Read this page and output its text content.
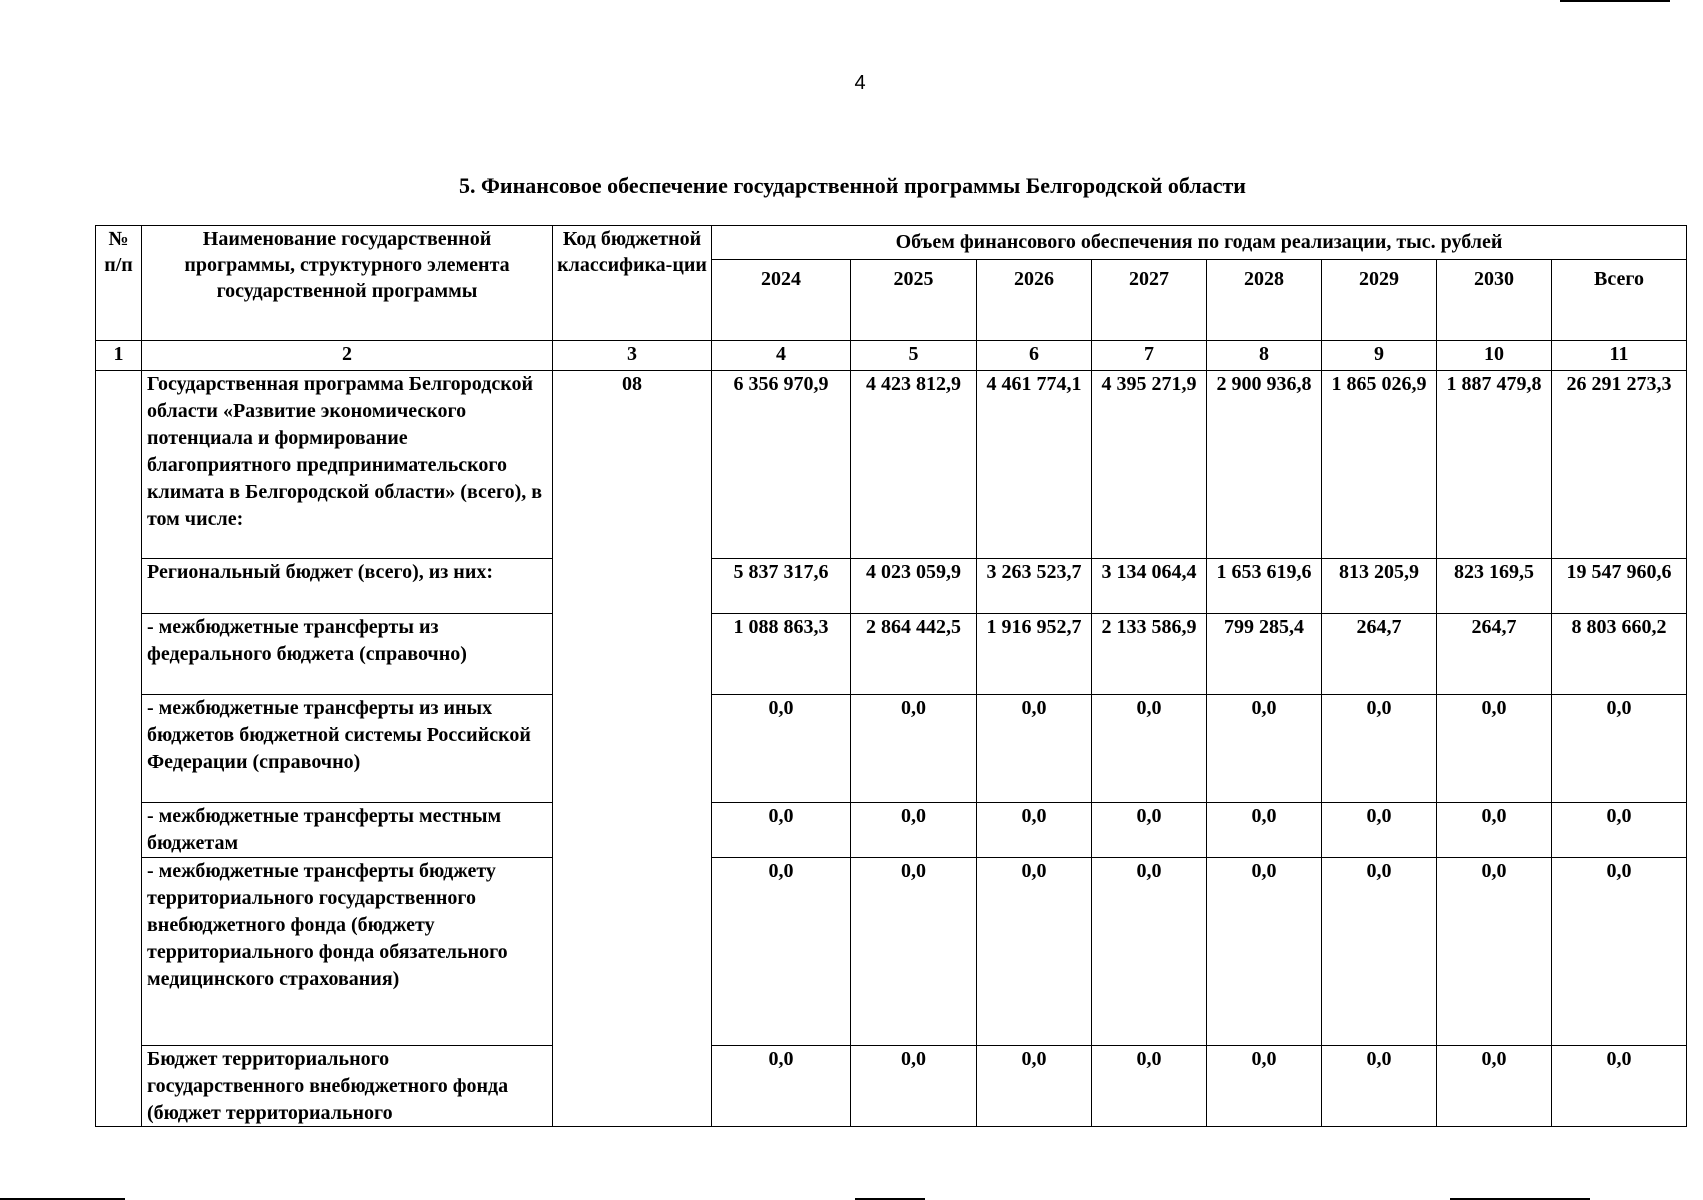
4
5. Финансовое обеспечение государственной программы Белгородской области
№ п/п	Наименование государственной программы, структурного элемента государственной программы	Код бюджетной классифика-ции	Объем финансового обеспечения по годам реализации, тыс. рублей							
			2024	2025	2026	2027	2028	2029	2030	Всего
1	2	3	4	5	6	7	8	9	10	11
	Государственная программа Белгородской области «Развитие экономического потенциала и формирование благоприятного предпринимательского климата в Белгородской области» (всего), в том числе:	08	6 356 970,9	4 423 812,9	4 461 774,1	4 395 271,9	2 900 936,8	1 865 026,9	1 887 479,8	26 291 273,3
	Региональный бюджет (всего), из них:		5 837 317,6	4 023 059,9	3 263 523,7	3 134 064,4	1 653 619,6	813 205,9	823 169,5	19 547 960,6
	- межбюджетные трансферты из федерального бюджета (справочно)		1 088 863,3	2 864 442,5	1 916 952,7	2 133 586,9	799 285,4	264,7	264,7	8 803 660,2
	- межбюджетные трансферты из иных бюджетов бюджетной системы Российской Федерации (справочно)		0,0	0,0	0,0	0,0	0,0	0,0	0,0	0,0
	- межбюджетные трансферты местным бюджетам		0,0	0,0	0,0	0,0	0,0	0,0	0,0	0,0
	- межбюджетные трансферты бюджету территориального государственного внебюджетного фонда (бюджету территориального фонда обязательного медицинского страхования)		0,0	0,0	0,0	0,0	0,0	0,0	0,0	0,0

	Бюджет территориального государственного внебюджетного фонда (бюджет территориального		0,0	0,0	0,0	0,0	0,0	0,0	0,0	0,0
